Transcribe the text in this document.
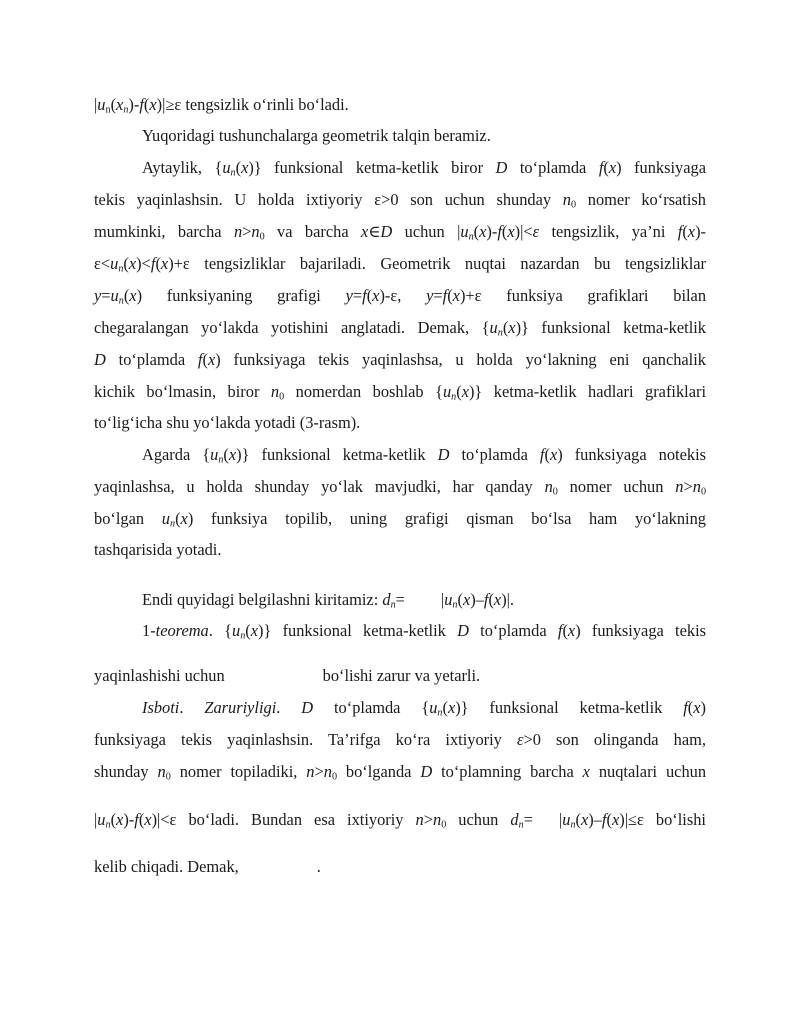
$|u_n(x_n)-f(x)|\ge\varepsilon$ tengsizlik o‘rinli bo‘ladi.
Yuqoridagi tushunchalarga geometrik talqin beramiz.
Aytaylik, $\{u_n(x)\}$ funksional ketma-ketlik biror D to‘plamda f(x) funksiyaga
tekis yaqinlashsin. U holda ixtiyoriy ε>0 son uchun shunday $n_0$ nomer ko‘rsatish
mumkinki, barcha $n>n_0$ va barcha x∈D uchun $|u_n(x)-f(x)|<\varepsilon$ tengsizlik, ya’ni f(x)-
$\varepsilon<u_n(x)<f(x)+\varepsilon$ tengsizliklar bajariladi. Geometrik nuqtai nazardan bu tengsizliklar
$y=u_n(x)$ funksiyaning grafigi y=f(x)-ε, y=f(x)+ε funksiya grafiklari bilan
chegaralangan yo‘lakda yotishini anglatadi. Demak, $\{u_n(x)\}$ funksional ketma-ketlik
D to‘plamda f(x) funksiyaga tekis yaqinlashsa, u holda yo‘lakning eni qanchalik
kichik bo‘lmasin, biror $n_0$ nomerdan boshlab $\{u_n(x)\}$ ketma-ketlik hadlari grafiklari
to‘lig‘icha shu yo‘lakda yotadi (3-rasm).
Agarda $\{u_n(x)\}$ funksional ketma-ketlik D to‘plamda f(x) funksiyaga notekis
yaqinlashsa, u holda shunday yo‘lak mavjudki, har qanday $n_0$ nomer uchun $n>n_0$
bo‘lgan $u_n(x)$ funksiya topilib, uning grafigi qisman bo‘lsa ham yo‘lakning
tashqarisida yotadi.
Endi quyidagi belgilashni kiritamiz: $d_n= |u_n(x)-f(x)|$.
1-teorema. $\{u_n(x)\}$ funksional ketma-ketlik D to‘plamda f(x) funksiyaga tekis
yaqinlashishi uchun	bo‘lishi zarur va yetarli.
Isboti. Zaruriyligi. D to‘plamda $\{u_n(x)\}$ funksional ketma-ketlik f(x)
funksiyaga tekis yaqinlashsin. Ta’rifga ko‘ra ixtiyoriy ε>0 son olinganda ham,
shunday $n_0$ nomer topiladiki, $n>n_0$ bo‘lganda D to‘plamning barcha x nuqtalari uchun
$|u_n(x)-f(x)|<\varepsilon$ bo‘ladi. Bundan esa ixtiyoriy $n>n_0$ uchun $d_n= |u_n(x)-f(x)|\le\varepsilon$ bo‘lishi
kelib chiqadi. Demak,	.
